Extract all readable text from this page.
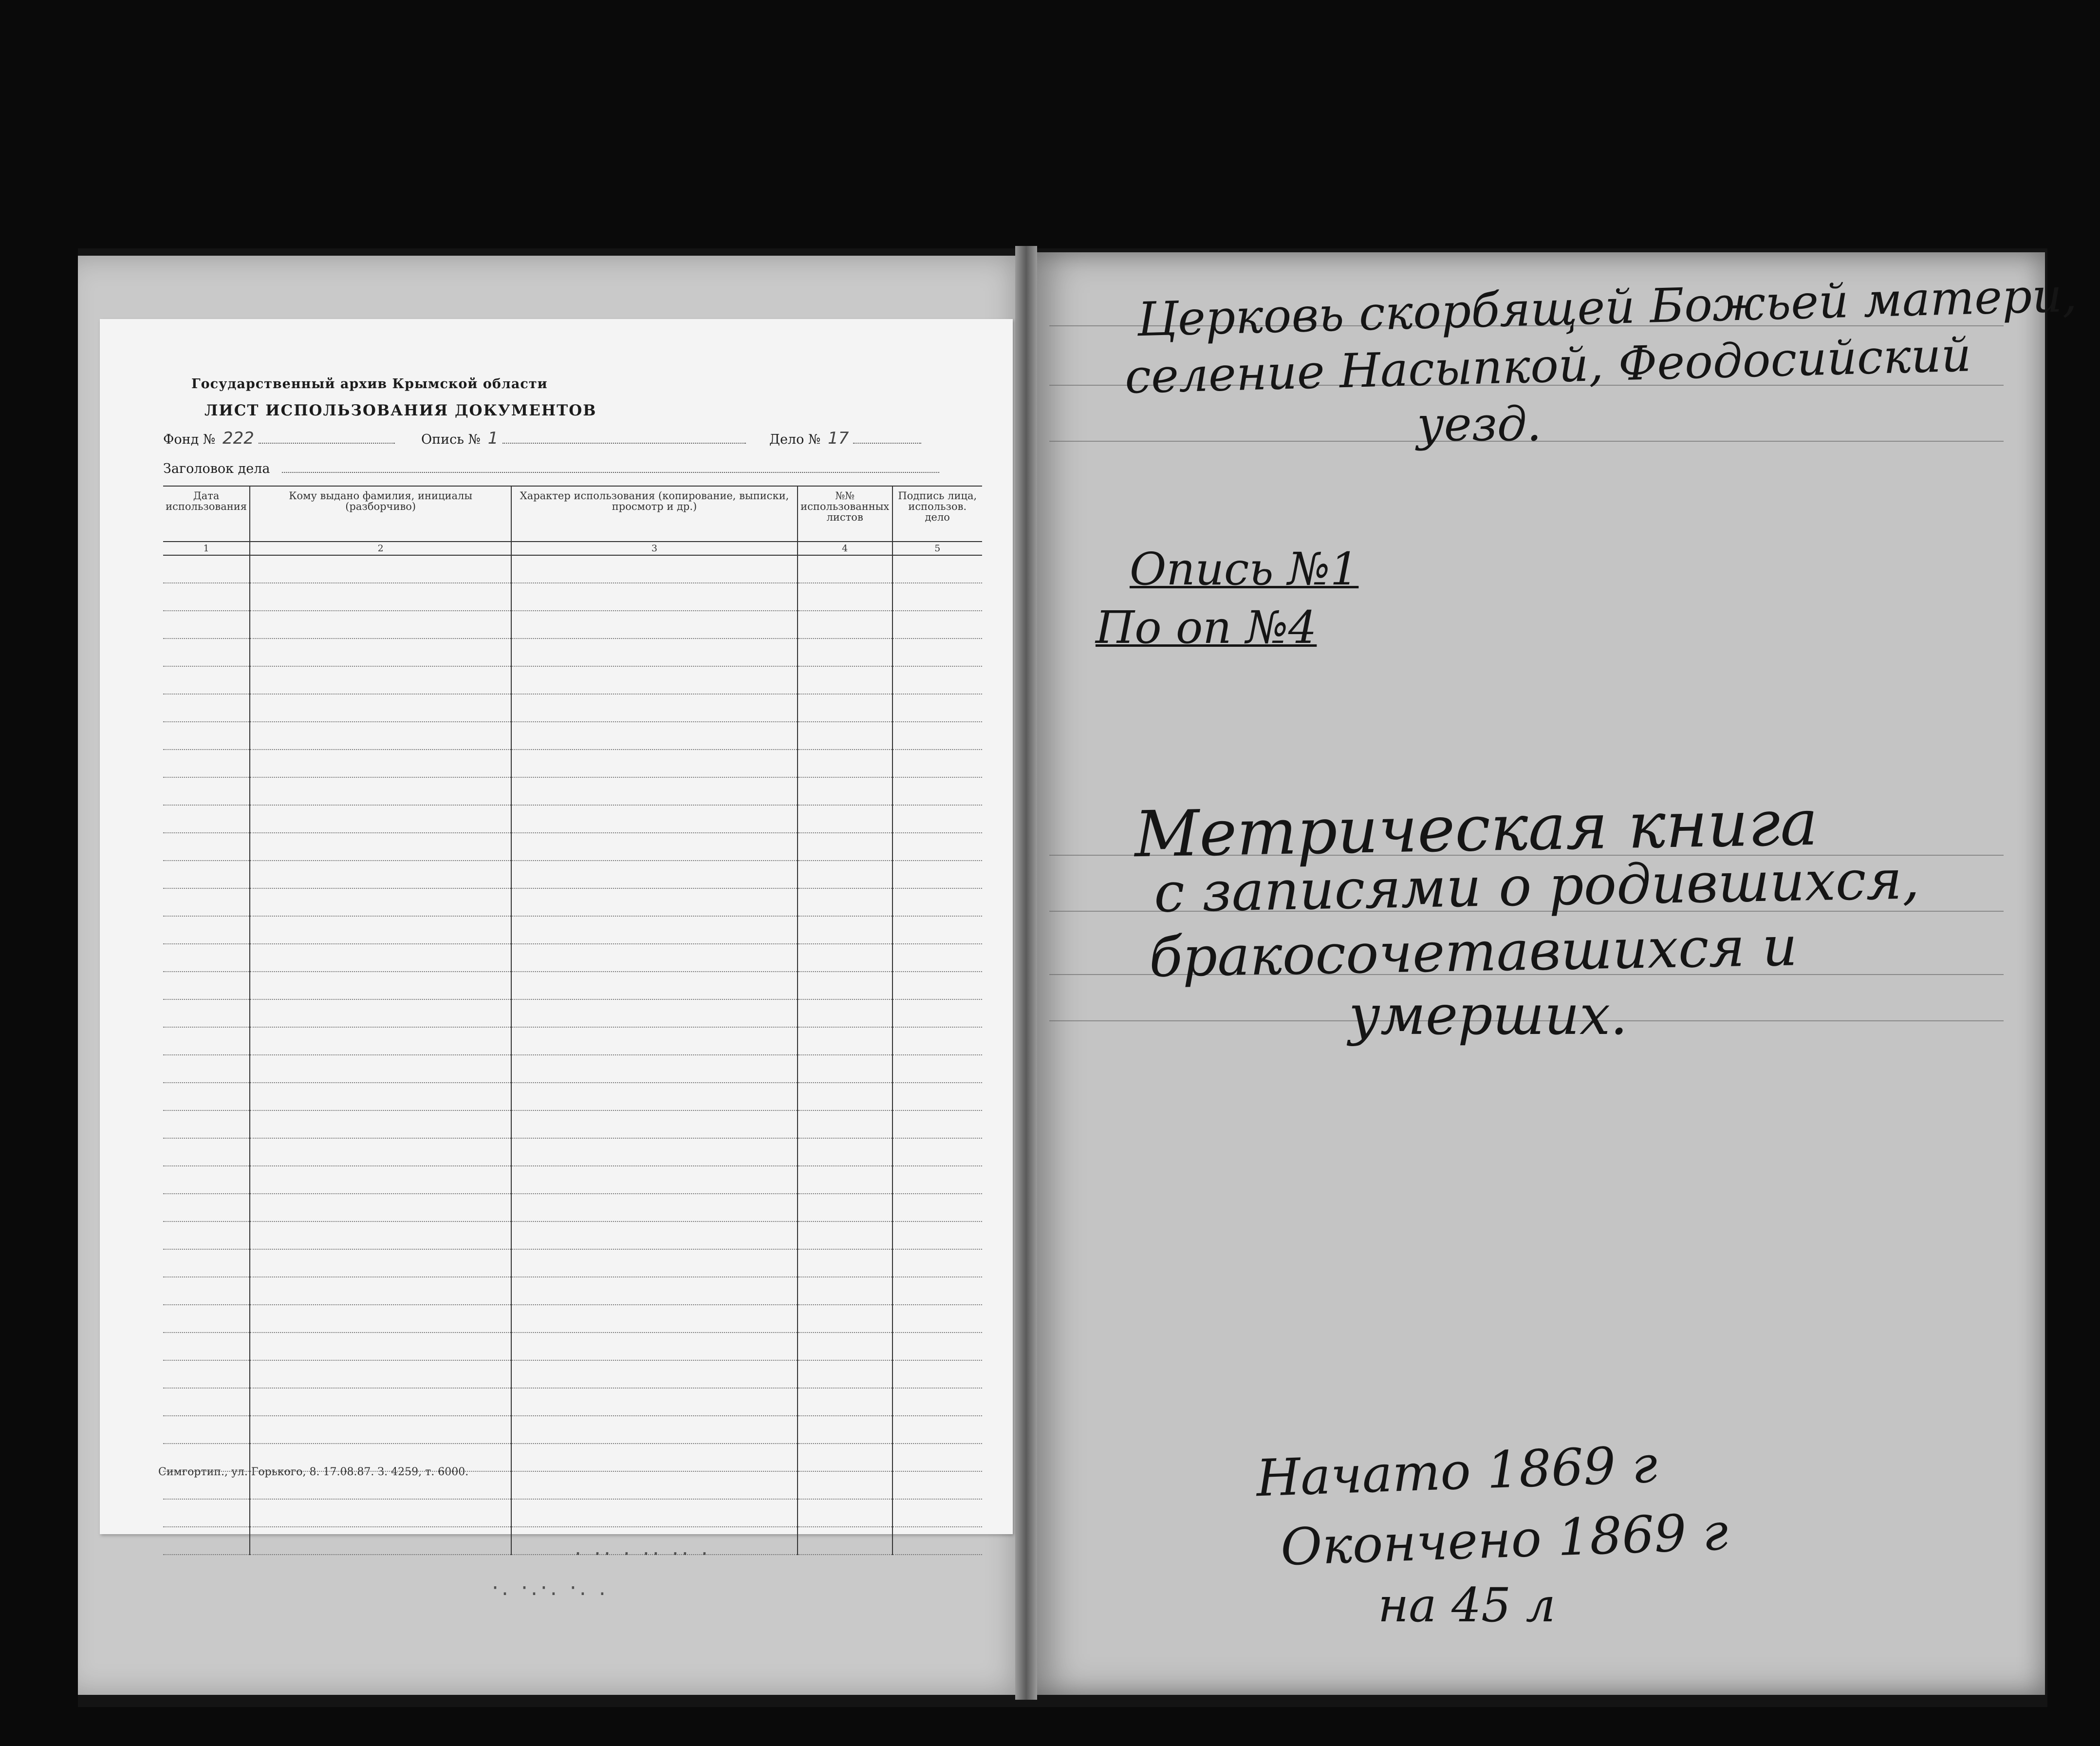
Государственный архив Крымской области
ЛИСТ ИСПОЛЬЗОВАНИЯ ДОКУМЕНТОВ
Фонд № 222	Опись № 1	Дело № 17
Заголовок дела
Дата использования	Кому выдано фамилия, инициалы (разборчиво)	Характер использования (копирование, выписки, просмотр и др.)	№№ использованных листов	Подпись лица, использов. дело
1	2	3	4	5

Симгортип., ул. Горького, 8. 17.08.87. З. 4259, т. 6000.
· ·· · ·· ·· ·
·. ·.·. ·. .
Церковь скорбящей Божьей матери,
селение Насыпкой, Феодосийский
уезд.
Опись №1
По оп №4
Метрическая книга
с записями о родившихся,
бракосочетавшихся и
умерших.
Начато 1869 г
Окончено 1869 г
на 45 л
